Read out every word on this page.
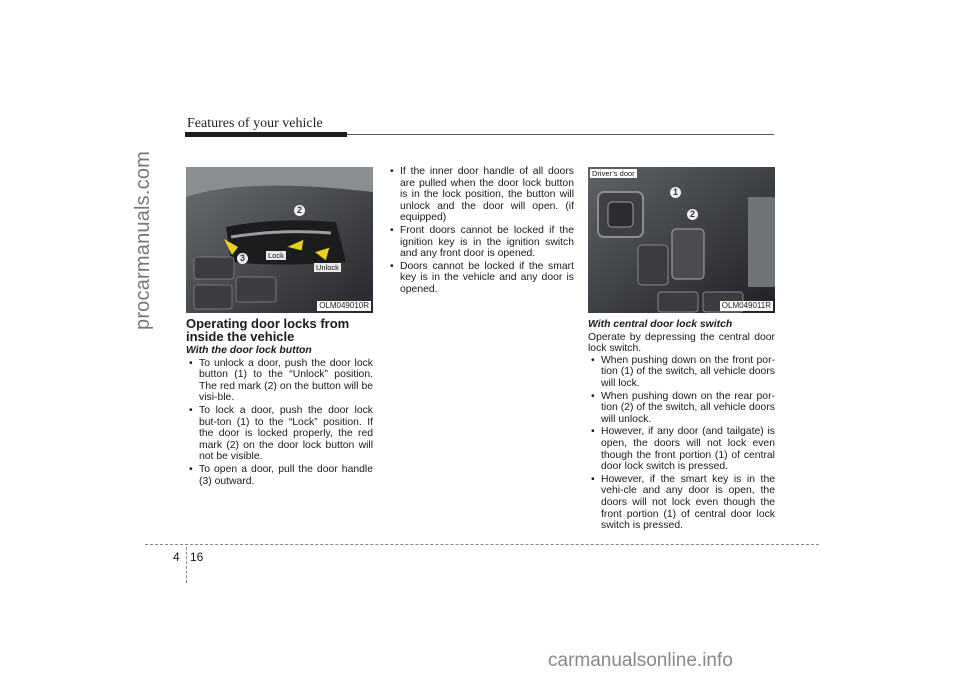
Features of your vehicle
procarmanuals.com	2
3	Lock
Unlock
OLM049010R
Driver’s door
1
2
OLM049011R
Operating door locks from inside the vehicle
With the door lock button
• To unlock a door, push the door lock button (1) to the “Unlock” position. The red mark (2) on the button will be visi-ble.
• To lock a door, push the door lock but-ton (1) to the “Lock” position. If the door is locked properly, the red mark (2) on the door lock button will not be visible.
• To open a door, pull the door handle (3) outward.
• If the inner door handle of all doors are pulled when the door lock button is in the lock position, the button will unlock and the door will open. (if equipped)
• Front doors cannot be locked if the ignition key is in the ignition switch and any front door is opened.
• Doors cannot be locked if the smart key is in the vehicle and any door is opened.
With central door lock switch
Operate by depressing the central door lock switch.
• When pushing down on the front por-tion (1) of the switch, all vehicle doors will lock.
• When pushing down on the rear por-tion (2) of the switch, all vehicle doors will unlock.
• However, if any door (and tailgate) is open, the doors will not lock even though the front portion (1) of central door lock switch is pressed.
• However, if the smart key is in the vehi-cle and any door is open, the doors will not lock even though the front portion (1) of central door lock switch is pressed.
4 16
carmanualsonline.info
